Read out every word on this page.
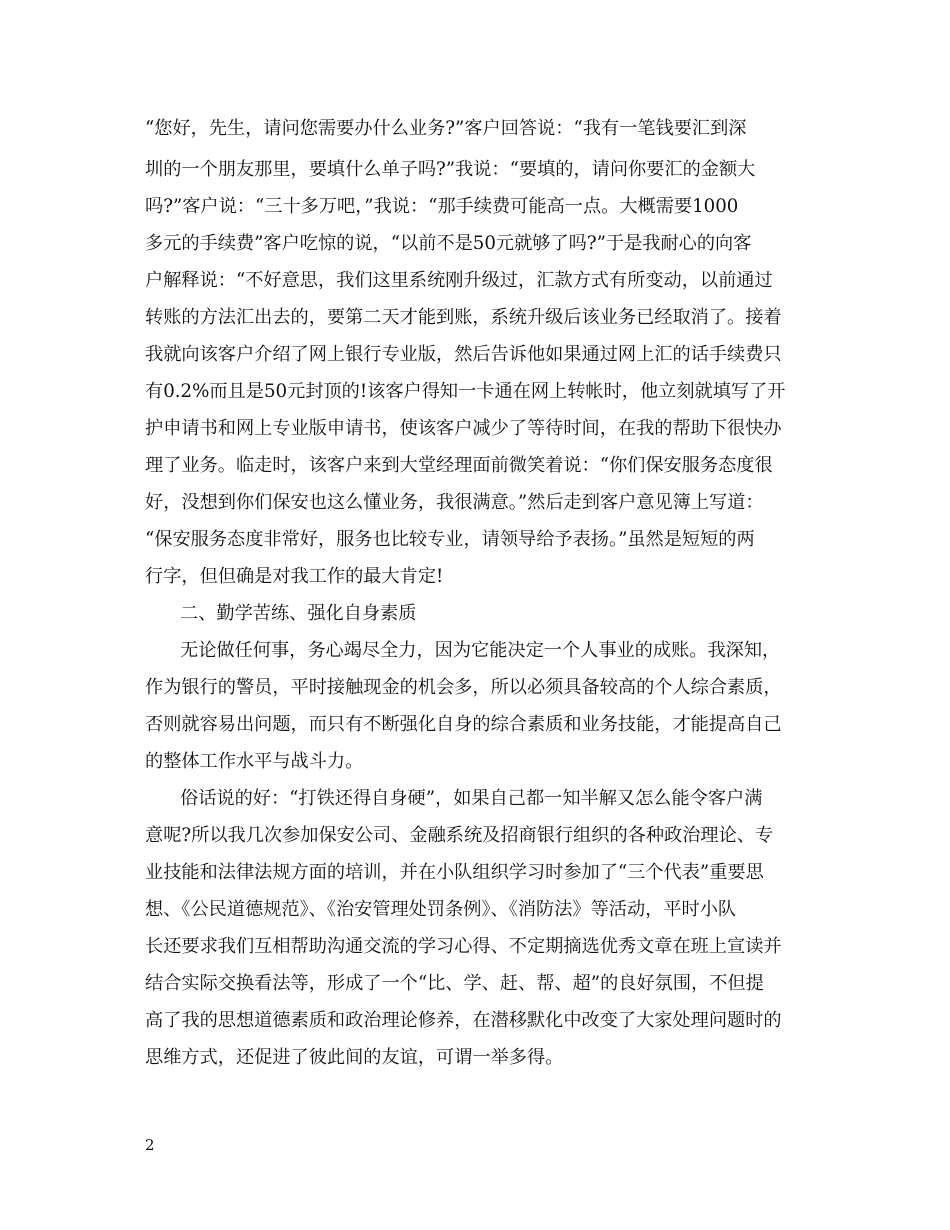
“您好，先生，请问您需要办什么业务?”客户回答说：“我有一笔钱要汇到深
圳的一个朋友那里，要填什么单子吗?”我说：“要填的，请问你要汇的金额大
吗?”客户说：“三十多万吧，”我说：“那手续费可能高一点。大概需要1000
多元的手续费”客户吃惊的说，“以前不是50元就够了吗?”于是我耐心的向客
户解释说：“不好意思，我们这里系统刚升级过，汇款方式有所变动，以前通过
转账的方法汇出去的，要第二天才能到账，系统升级后该业务已经取消了。接着
我就向该客户介绍了网上银行专业版，然后告诉他如果通过网上汇的话手续费只
有0.2%而且是50元封顶的!该客户得知一卡通在网上转帐时，他立刻就填写了开
护申请书和网上专业版申请书，使该客户减少了等待时间，在我的帮助下很快办
理了业务。临走时，该客户来到大堂经理面前微笑着说：“你们保安服务态度很
好，没想到你们保安也这么懂业务，我很满意。”然后走到客户意见簿上写道：
“保安服务态度非常好，服务也比较专业，请领导给予表扬。”虽然是短短的两
行字，但但确是对我工作的最大肯定!
二、勤学苦练、强化自身素质
无论做任何事，务心竭尽全力，因为它能决定一个人事业的成账。我深知，
作为银行的警员，平时接触现金的机会多，所以必须具备较高的个人综合素质，
否则就容易出问题，而只有不断强化自身的综合素质和业务技能，才能提高自己
的整体工作水平与战斗力。
俗话说的好：“打铁还得自身硬”，如果自己都一知半解又怎么能令客户满
意呢?所以我几次参加保安公司、金融系统及招商银行组织的各种政治理论、专
业技能和法律法规方面的培训，并在小队组织学习时参加了“三个代表”重要思
想、《公民道德规范》、《治安管理处罚条例》、《消防法》等活动，平时小队
长还要求我们互相帮助沟通交流的学习心得、不定期摘选优秀文章在班上宣读并
结合实际交换看法等，形成了一个“比、学、赶、帮、超”的良好氛围，不但提
高了我的思想道德素质和政治理论修养，在潜移默化中改变了大家处理问题时的
思维方式，还促进了彼此间的友谊，可谓一举多得。
2
